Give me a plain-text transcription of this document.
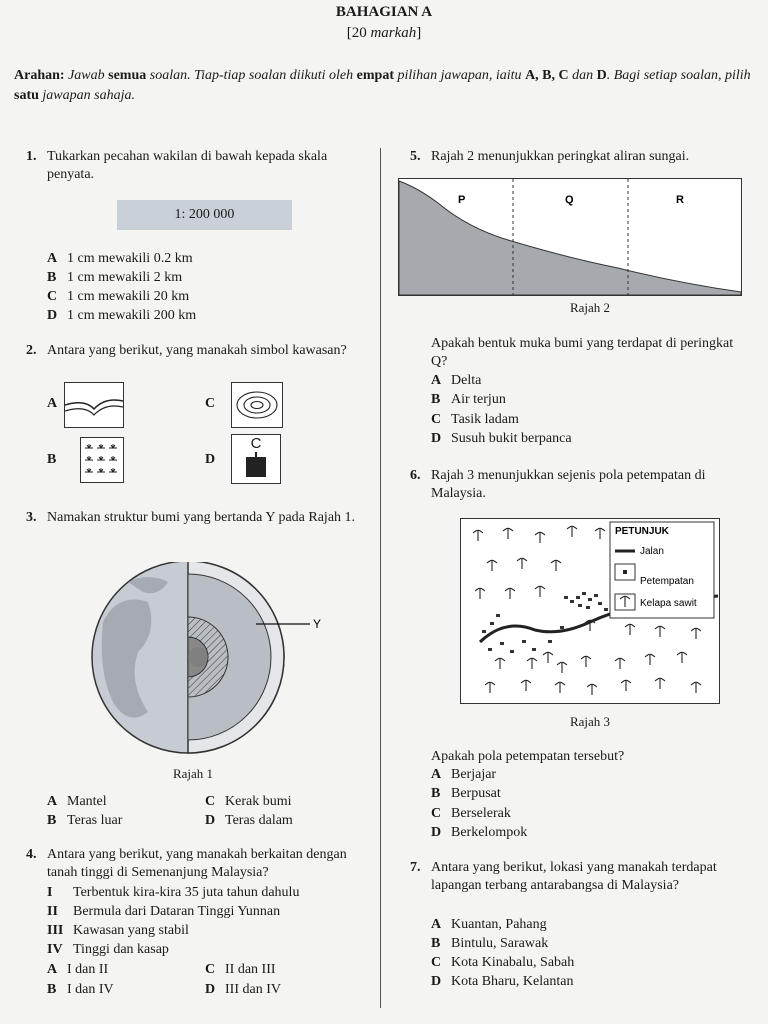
BAHAGIAN A
[20 markah]
Arahan: Jawab semua soalan. Tiap-tiap soalan diikuti oleh empat pilihan jawapan, iaitu A, B, C dan D. Bagi setiap soalan, pilih satu jawapan sahaja.
1. Tukarkan pecahan wakilan di bawah kepada skala penyata.
1: 200 000
A 1 cm mewakili 0.2 km
B 1 cm mewakili 2 km
C 1 cm mewakili 20 km
D 1 cm mewakili 200 km
2. Antara yang berikut, yang manakah simbol kawasan?
A	C
B	D
C
3. Namakan struktur bumi yang bertanda Y pada Rajah 1.
Y
Rajah 1
A Mantel
B Teras luar
C Kerak bumi
D Teras dalam
4. Antara yang berikut, yang manakah berkaitan dengan tanah tinggi di Semenanjung Malaysia?
I Terbentuk kira-kira 35 juta tahun dahulu
II Bermula dari Dataran Tinggi Yunnan
III Kawasan yang stabil
IV Tinggi dan kasap
A I dan II
B I dan IV
C II dan III
D III dan IV
5. Rajah 2 menunjukkan peringkat aliran sungai.
P	Q	R
Rajah 2
Apakah bentuk muka bumi yang terdapat di peringkat Q?
A Delta
B Air terjun
C Tasik ladam
D Susuh bukit berpanca
6. Rajah 3 menunjukkan sejenis pola petempatan di Malaysia.
PETUNJUK
Jalan
Petempatan
Kelapa sawit
Rajah 3
Apakah pola petempatan tersebut?
A Berjajar
B Berpusat
C Berselerak
D Berkelompok
7. Antara yang berikut, lokasi yang manakah terdapat lapangan terbang antarabangsa di Malaysia?
A Kuantan, Pahang
B Bintulu, Sarawak
C Kota Kinabalu, Sabah
D Kota Bharu, Kelantan
